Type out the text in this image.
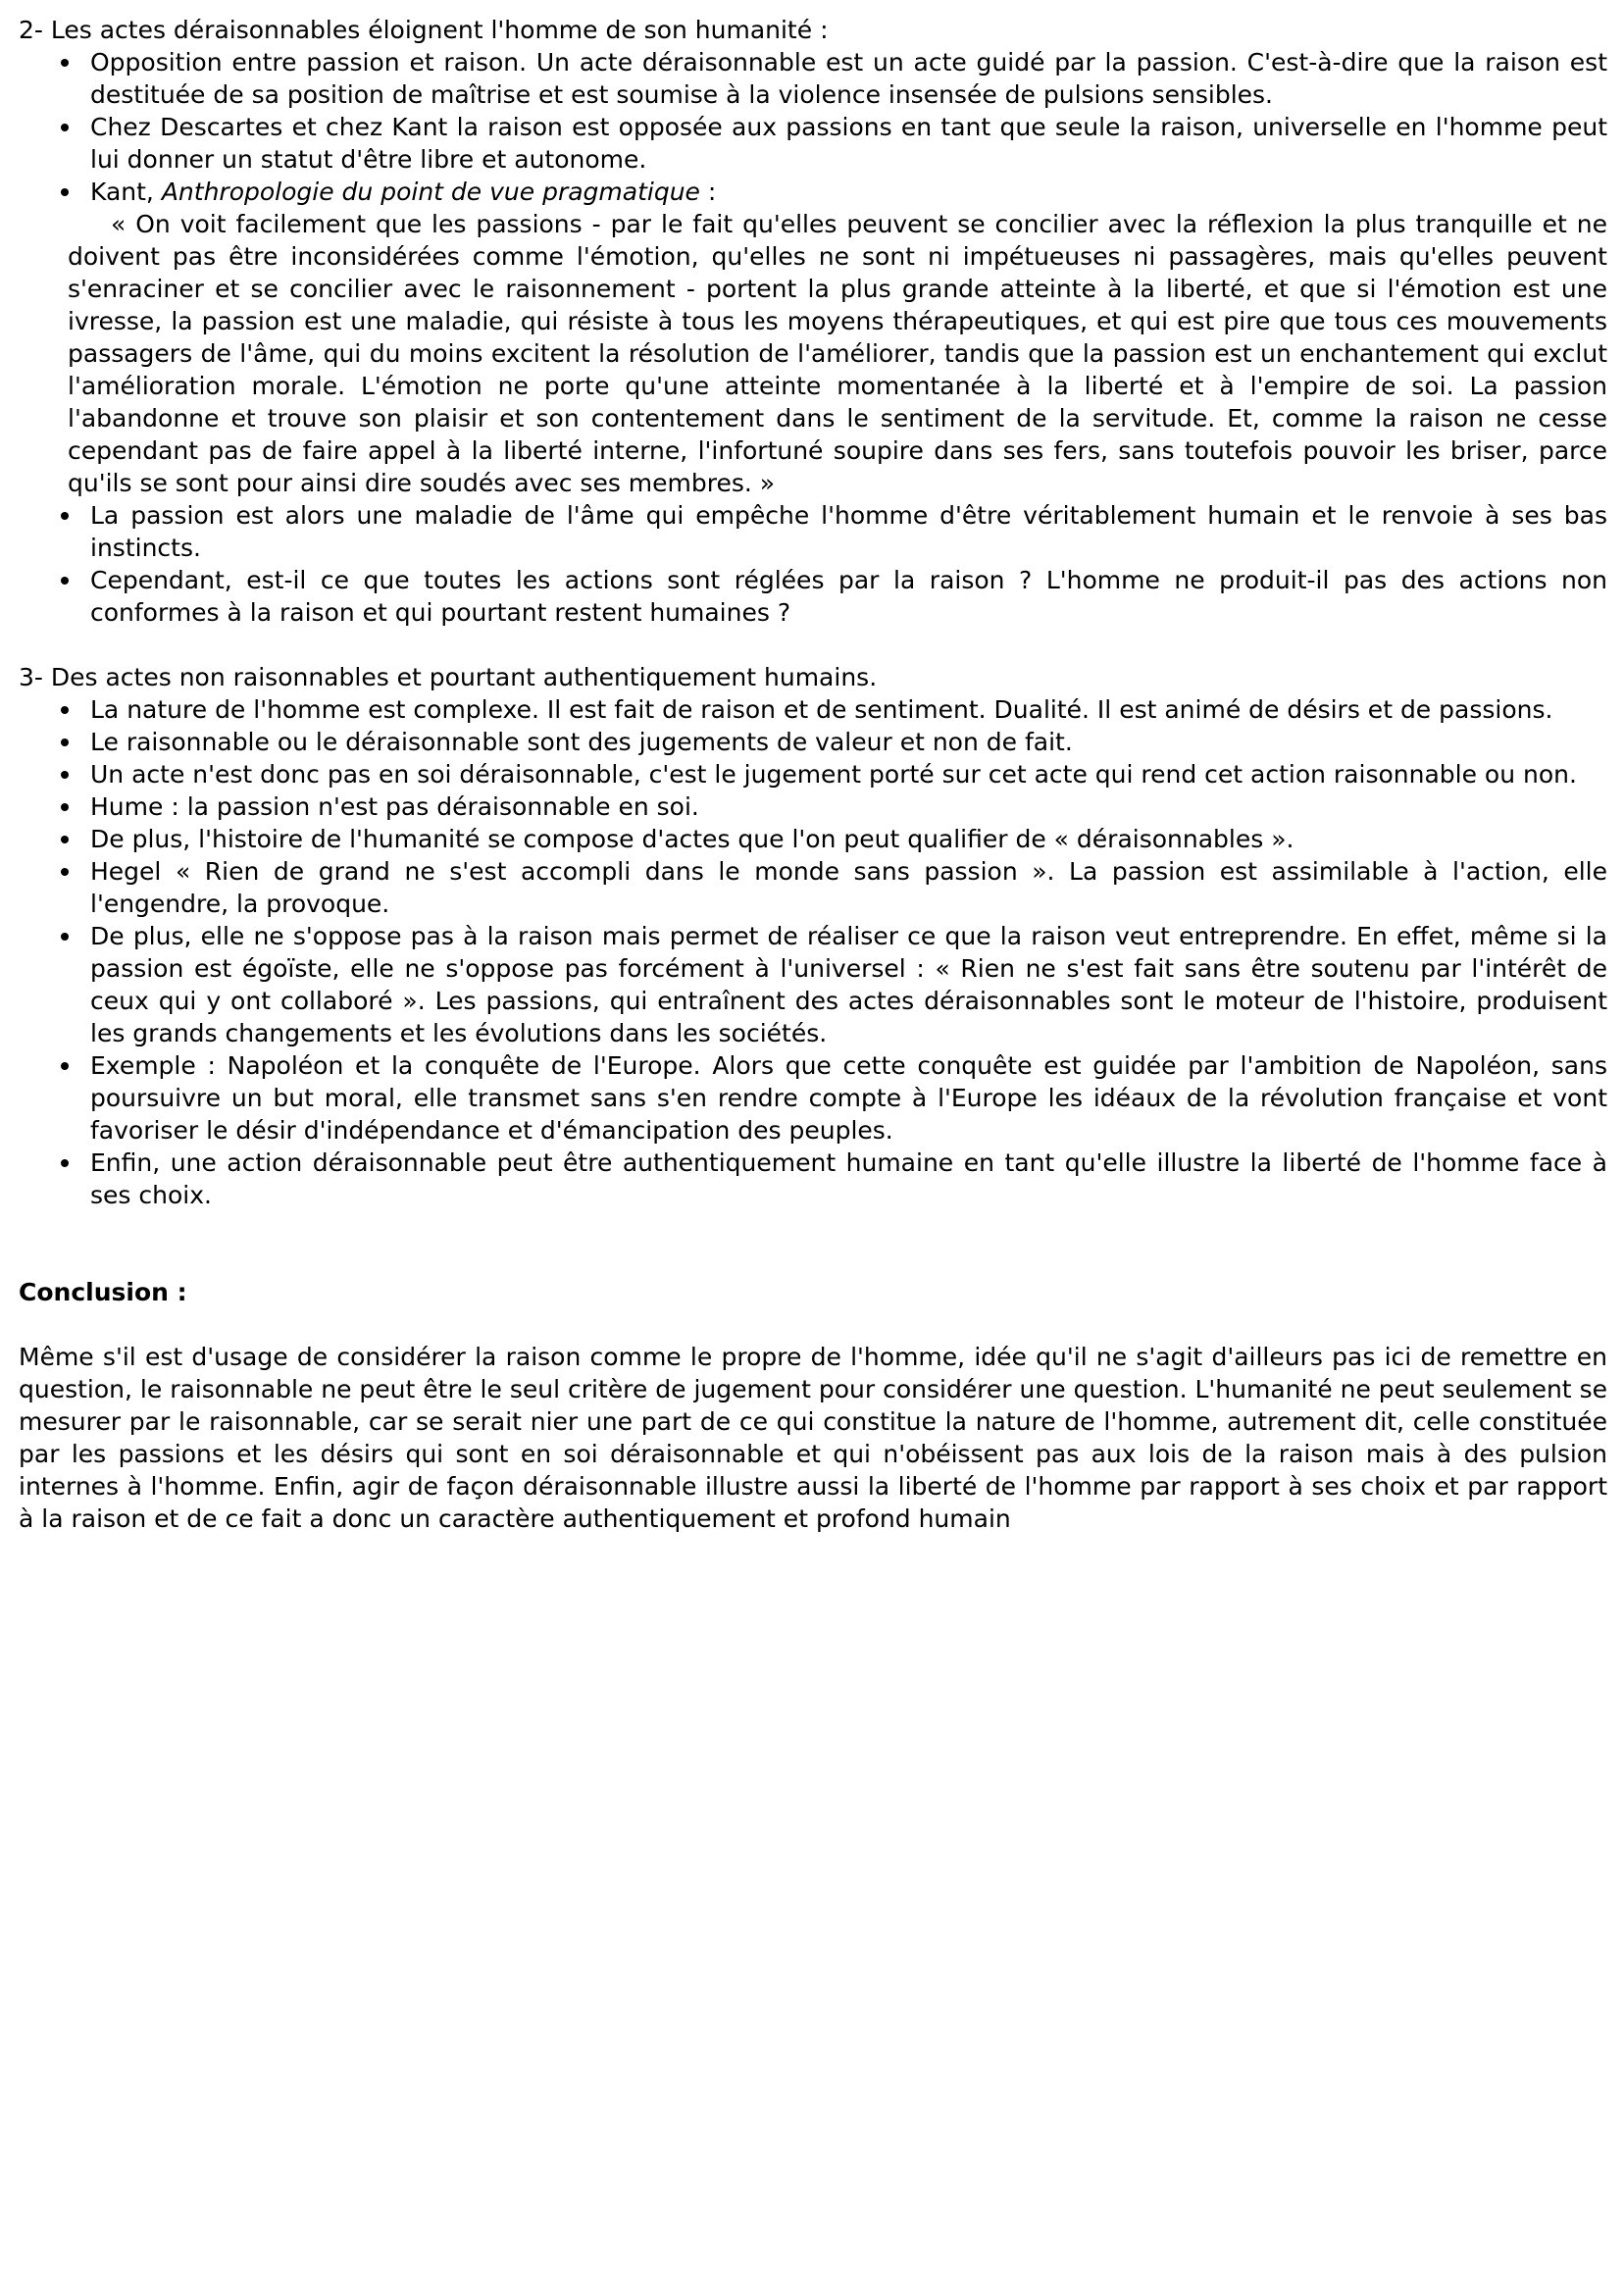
2- Les actes déraisonnables éloignent l'homme de son humanité :

Opposition entre passion et raison. Un acte déraisonnable est un acte guidé par la passion. C'est-à-dire que la raison est destituée de sa position de maîtrise et est soumise à la violence insensée de pulsions sensibles.
Chez Descartes et chez Kant la raison est opposée aux passions en tant que seule la raison, universelle en l'homme peut lui donner un statut d'être libre et autonome.
Kant, Anthropologie du point de vue pragmatique :

« On voit facilement que les passions - par le fait qu'elles peuvent se concilier avec la réflexion la plus tranquille et ne doivent pas être inconsidérées comme l'émotion, qu'elles ne sont ni impétueuses ni passagères, mais qu'elles peuvent s'enraciner et se concilier avec le raisonnement - portent la plus grande atteinte à la liberté, et que si l'émotion est une ivresse, la passion est une maladie, qui résiste à tous les moyens thérapeutiques, et qui est pire que tous ces mouvements passagers de l'âme, qui du moins excitent la résolution de l'améliorer, tandis que la passion est un enchantement qui exclut l'amélioration morale. L'émotion ne porte qu'une atteinte momentanée à la liberté et à l'empire de soi. La passion l'abandonne et trouve son plaisir et son contentement dans le sentiment de la servitude. Et, comme la raison ne cesse cependant pas de faire appel à la liberté interne, l'infortuné soupire dans ses fers, sans toutefois pouvoir les briser, parce qu'ils se sont pour ainsi dire soudés avec ses membres. »

La passion est alors une maladie de l'âme qui empêche l'homme d'être véritablement humain et le renvoie à ses bas instincts.
Cependant, est-il ce que toutes les actions sont réglées par la raison ? L'homme ne produit-il pas des actions non conformes à la raison et qui pourtant restent humaines ?

3- Des actes non raisonnables et pourtant authentiquement humains.

La nature de l'homme est complexe. Il est fait de raison et de sentiment. Dualité. Il est animé de désirs et de passions.
Le raisonnable ou le déraisonnable sont des jugements de valeur et non de fait.
Un acte n'est donc pas en soi déraisonnable, c'est le jugement porté sur cet acte qui rend cet action raisonnable ou non.
Hume : la passion n'est pas déraisonnable en soi.
De plus, l'histoire de l'humanité se compose d'actes que l'on peut qualifier de « déraisonnables ».
Hegel « Rien de grand ne s'est accompli dans le monde sans passion ». La passion est assimilable à l'action, elle l'engendre, la provoque.
De plus, elle ne s'oppose pas à la raison mais permet de réaliser ce que la raison veut entreprendre. En effet, même si la passion est égoïste, elle ne s'oppose pas forcément à l'universel : « Rien ne s'est fait sans être soutenu par l'intérêt de ceux qui y ont collaboré ». Les passions, qui entraînent des actes déraisonnables sont le moteur de l'histoire, produisent les grands changements et les évolutions dans les sociétés.
Exemple : Napoléon et la conquête de l'Europe. Alors que cette conquête est guidée par l'ambition de Napoléon, sans poursuivre un but moral, elle transmet sans s'en rendre compte à l'Europe les idéaux de la révolution française et vont favoriser le désir d'indépendance et d'émancipation des peuples.
Enfin, une action déraisonnable peut être authentiquement humaine en tant qu'elle illustre la liberté de l'homme face à ses choix.

Conclusion :

Même s'il est d'usage de considérer la raison comme le propre de l'homme, idée qu'il ne s'agit d'ailleurs pas ici de remettre en question, le raisonnable ne peut être le seul critère de jugement pour considérer une question. L'humanité ne peut seulement se mesurer par le raisonnable, car se serait nier une part de ce qui constitue la nature de l'homme, autrement dit, celle constituée par les passions et les désirs qui sont en soi déraisonnable et qui n'obéissent pas aux lois de la raison mais à des pulsion internes à l'homme. Enfin, agir de façon déraisonnable illustre aussi la liberté de l'homme par rapport à ses choix et par rapport à la raison et de ce fait a donc un caractère authentiquement et profond humain
